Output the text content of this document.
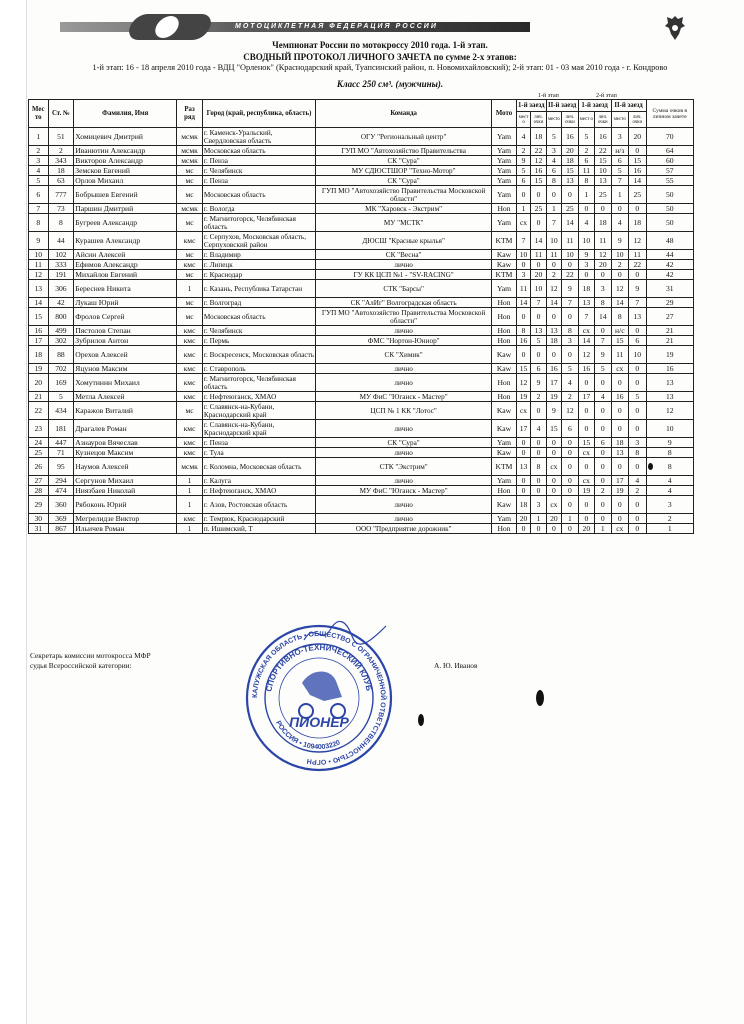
МОТОЦИКЛЕТНАЯ ФЕДЕРАЦИЯ РОССИИ
Чемпионат России по мотокроссу 2010 года. 1-й этап.
СВОДНЫЙ ПРОТОКОЛ ЛИЧНОГО ЗАЧЕТА по сумме 2-х этапов:
1-й этап: 16 - 18 апреля 2010 года - ВДЦ "Орленок" (Краснодарский край, Туапсинский район, п. Новомихайловский); 2-й этап: 01 - 03 мая 2010 года - г. Кондрово
Класс 250 см³. (мужчины).
1-й этап	2-й этап
Мес то	Ст. №	Фамилия, Имя	Раз ряд	Город (край, республика, область)	Команда	Мото	1-й заезд		II-й заезд		1-й заезд		II-й заезд		Сумма очков в личном зачете
							мест о	лич. очки	место	лич. очки	мест о	лич. очки	место	лич. очки	
1	51	Хомицевич Дмитрий	мсмк	г. Каменск-Уральский, Свердловская область	ОГУ "Региональный центр"	Yam	4	18	5	16	5	16	3	20	70
2	2	Иванютин Александр	мсмк	Московская область	ГУП МО "Автохозяйство Правительства	Yam	2	22	3	20	2	22	н/з	0	64
3	343	Викторов Александр	мсмк	г. Пенза	СК "Сура"	Yam	9	12	4	18	6	15	6	15	60
4	18	Земсков Евгений	мс	г. Челябинск	МУ СДЮСТШОР "Техно-Мотор"	Yam	5	16	6	15	11	10	5	16	57
5	63	Орлов Михаил	мс	г. Пенза	СК "Сура"	Yam	6	15	8	13	8	13	7	14	55
6	777	Бобрышев Евгений	мс	Московская область	ГУП МО "Автохозяйство Правительства Московской области"	Yam	0	0	0	0	1	25	1	25	50
7	73	Паршин Дмитрий	мсмк	г. Вологда	МК "Харовск - Экстрим"	Hon	1	25	1	25	0	0	0	0	50
8	8	Бугреев Александр	мс	г. Магнитогорск, Челябинская область	МУ "МСТК"	Yam	сх	0	7	14	4	18	4	18	50
9	44	Курашев Александр	кмс	г. Серпухов, Московская область, Серпуховский район	ДЮСШ "Красные крылья"	KTM	7	14	10	11	10	11	9	12	48
10	102	Айсин Алексей	мс	г. Владимир	СК "Весна"	Kaw	10	11	11	10	9	12	10	11	44
11	333	Ефимов Александр	кмс	г. Липецк	лично	Kaw	0	0	0	0	3	20	2	22	42
12	191	Михайлов Евгений	мс	г. Краснодар	ГУ КК ЦСП №1 - "SV-RACING"	KTM	3	20	2	22	0	0	0	0	42
13	306	Береснев Никита	1	г. Казань, Республика Татарстан	СТК "Барсы"	Yam	11	10	12	9	18	3	12	9	31
14	42	Лукаш Юрий	мс	г. Волгоград	СК "АлИг" Волгоградская область	Hon	14	7	14	7	13	8	14	7	29
15	800	Фролов Сергей	мс	Московская область	ГУП МО "Автохозяйство Правительства Московской области"	Hon	0	0	0	0	7	14	8	13	27
16	499	Пястолов Степан	кмс	г. Челябинск	лично	Hon	8	13	13	8	сх	0	н/с	0	21
17	302	Зубрилов Антон	кмс	г. Пермь	ФМС "Нортон-Юниор"	Hon	16	5	18	3	14	7	15	6	21
18	88	Орехов Алексей	кмс	г. Воскресенск, Московская область	СК "Химик"	Kaw	0	0	0	0	12	9	11	10	19
19	702	Яцунов Максим	кмс	г. Ставрополь	лично	Kaw	15	6	16	5	16	5	сх	0	16
20	169	Хомутинин Михаил	кмс	г. Магнитогорск, Челябинская область	лично	Hon	12	9	17	4	0	0	0	0	13
21	5	Метла Алексей	кмс	г. Нефтеюганск, ХМАО	МУ ФиС "Юганск - Мастер"	Hon	19	2	19	2	17	4	16	5	13
22	434	Каражов Виталий	мс	г. Славянск-на-Кубани, Краснодарский край	ЦСП № 1 КК "Лотос"	Kaw	сх	0	9	12	0	0	0	0	12
23	181	Драгалев Роман	кмс	г. Славянск-на-Кубани, Краснодарский край	лично	Kaw	17	4	15	6	0	0	0	0	10
24	447	Азнауров Вячеслав	кмс	г. Пенза	СК "Сура"	Yam	0	0	0	0	15	6	18	3	9
25	71	Кузнецов Максим	кмс	г. Тула	лично	Kaw	0	0	0	0	сх	0	13	8	8
26	95	Наумов Алексей	мсмк	г. Коломна, Московская область	СТК "Экстрим"	KTM	13	8	сх	0	0	0	0	0	8
27	294	Сергунов Михаил	1	г. Калуга	лично	Yam	0	0	0	0	сх	0	17	4	4
28	474	Ниязбаев Николай	1	г. Нефтеюганск, ХМАО	МУ ФиС "Юганск - Мастер"	Hon	0	0	0	0	19	2	19	2	4
29	360	Рябоконь Юрий	1	г. Азов, Ростовская область	лично	Kaw	18	3	сх	0	0	0	0	0	3
30	369	Мегрелидзе Виктор	кмс	г. Темрюк, Краснодарский	лично	Yam	20	1	20	1	0	0	0	0	2
31	867	Ильичев Роман	1	п. Ишимский, Т	ООО "Предприятие дорожник"	Hon	0	0	0	0	20	1	сх	0	1
Секретарь комиссии мотокросса МФР
судья Всероссийской категории:	А. Ю. Иванов
КАЛУЖСКАЯ ОБЛАСТЬ • ОБЩЕСТВО С ОГРАНИЧЕННОЙ ОТВЕТСТВЕННОСТЬЮ • ОГРН
СПОРТИВНО-ТЕХНИЧЕСКИЙ КЛУБ
РОССИЯ • 1094003220
ПИОНЕР
